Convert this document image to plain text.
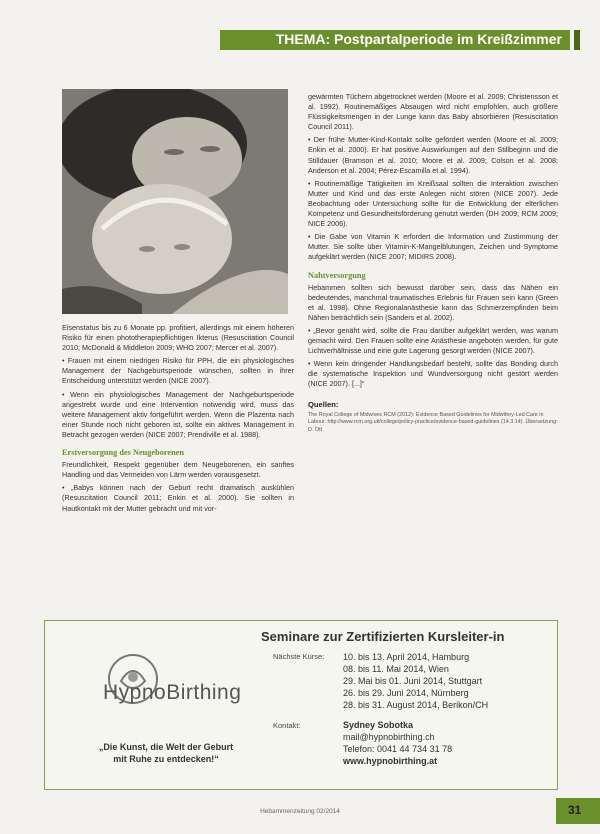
THEMA: Postpartalperiode im Kreißzimmer

Eisenstatus bis zu 6 Monate pp. profitiert, allerdings mit einem höheren Risiko für einen phototherapiepflichtigen Ikterus (Resuscitation Council 2010; McDonald & Middleton 2009; WHO 2007; Mercer et al. 2007).

• Frauen mit einem niedrigen Risiko für PPH, die ein physiologisches Management der Nachgeburtsperiode wünschen, sollten in ihrer Entscheidung unterstützt werden (NICE 2007).

• Wenn ein physiologisches Management der Nachgeburtsperiode angestrebt wurde und eine Intervention notwendig wird, muss das weitere Management aktiv fortgeführt werden. Wenn die Plazenta nach einer Stunde noch nicht geboren ist, sollte ein aktives Management in Betracht gezogen werden (NICE 2007; Prendiville et al. 1988).

Erstversorgung des Neugeborenen

Freundlichkeit, Respekt gegenüber dem Neugeborenen, ein sanftes Handling und das Vermeiden von Lärm werden vorausgesetzt.

• „Babys können nach der Geburt recht dramatisch auskühlen (Resuscitation Council 2011; Enkin et al. 2000). Sie sollten in Hautkontakt mit der Mutter gebracht und mit vor-

gewärmten Tüchern abgetrocknet werden (Moore et al. 2009; Christensson et al. 1992). Routinemäßiges Absaugen wird nicht empfohlen, auch größere Flüssigkeitsmengen in der Lunge kann das Baby absorbieren (Resuscitation Council 2011).

• Der frühe Mutter-Kind-Kontakt sollte gefördert werden (Moore et al. 2009; Enkin et al. 2000). Er hat positive Auswirkungen auf den Stillbeginn und die Stilldauer (Bramson et al. 2010; Moore et al. 2009; Colson et al. 2008; Anderson et al. 2004; Pérez-Escamilla et al. 1994).

• Routinemäßige Tätigkeiten im Kreißsaal sollten die Interaktion zwischen Mutter und Kind und das erste Anlegen nicht stören (NICE 2007). Jede Beobachtung oder Untersuchung sollte für die Entwicklung der elterlichen Kompetenz und Gesundheitsförderung genutzt werden (DH 2009; RCM 2009; NICE 2006).

• Die Gabe von Vitamin K erfordert die Information und Zustimmung der Mutter. Sie sollte über Vitamin-K-Mangelblutungen, Zeichen und Symptome aufgeklärt werden (NICE 2007; MIDIRS 2008).

Nahtversorgung

Hebammen sollten sich bewusst darüber sein, dass das Nähen ein bedeutendes, manchmal traumatisches Erlebnis für Frauen sein kann (Green et al. 1998). Ohne Regionalanästhesie kann das Schmerzempfinden beim Nähen beträchtlich sein (Sanders et al. 2002).

• „Bevor genäht wird, sollte die Frau darüber aufgeklärt werden, was warum gemacht wird. Den Frauen sollte eine Anästhesie angeboten werden, für gute Lichtverhältnisse und eine gute Lagerung gesorgt werden (NICE 2007).

• Wenn kein dringender Handlungsbedarf besteht, sollte das Bonding durch die systematische Inspektion und Wundversorgung nicht gestört werden (NICE 2007). [...]“

Quellen:
The Royal College of Midwives RCM (2012): Evidence Based Guidelines for Midwifery-Led Care in Labour. http://www.rcm.org.uk/college/policy-practice/evidence-based-guidelines (14.3.14). Übersetzung: D. Ott
HypnoBirthing
„Die Kunst, die Welt der Geburt
mit Ruhe zu entdecken!“
Seminare zur Zertifizierten Kursleiter-in
Nächste Kurse: 10. bis 13. April 2014, Hamburg
08. bis 11. Mai 2014, Wien
29. Mai bis 01. Juni 2014, Stuttgart
26. bis 29. Juni 2014, Nürnberg
28. bis 31. August 2014, Berikon/CH
Kontakt:	Sydney Sobotka
mail@hypnobirthing.ch
Telefon: 0041 44 734 31 78
www.hypnobirthing.at
Hebammenzeitung 02/2014	31
